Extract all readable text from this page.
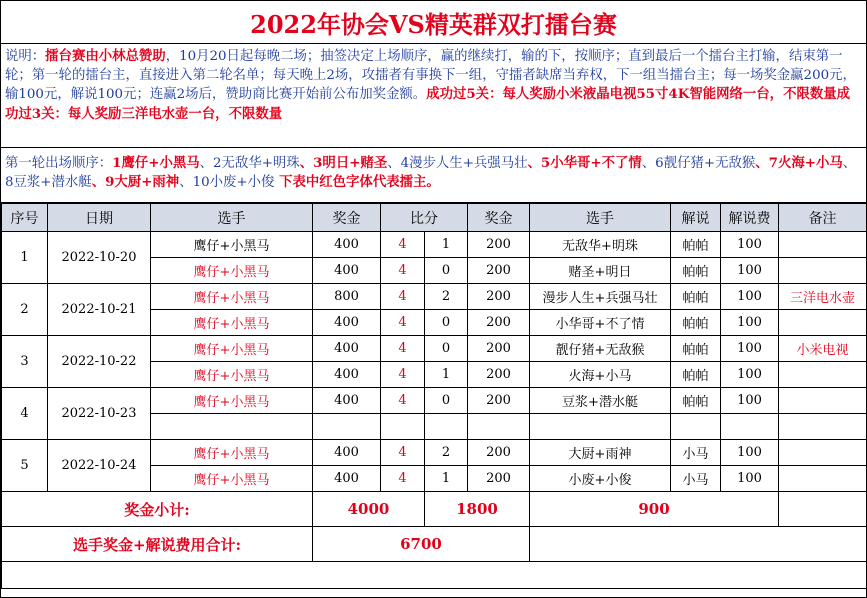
2022年协会VS精英群双打擂台赛
说明：擂台赛由小林总赞助，10月20日起每晚二场；抽签决定上场顺序，赢的继续打，输的下，按顺序；直到最后一个擂台主打输，结束第一轮；第一轮的擂台主，直接进入第二轮名单；每天晚上2场，攻擂者有事换下一组，守擂者缺席当弃权，下一组当擂台主；每一场奖金赢200元，输100元，解说100元；连赢2场后，赞助商比赛开始前公布加奖金额。成功过5关：每人奖励小米液晶电视55寸4K智能网络一台，不限数量成功过3关：每人奖励三洋电水壶一台，不限数量
第一轮出场顺序：1鹰仔+小黑马、2无敌华+明珠、3明日+赌圣、4漫步人生+兵强马壮、5小华哥+不了情、6靓仔猪+无敌猴、7火海+小马、8豆浆+潜水艇、9大厨+雨神、10小废+小俊 下表中红色字体代表擂主。
序号	日期	选手	奖金	比分		奖金	选手	解说	解说费	备注
1	2022-10-20	鹰仔+小黑马	400	4	1	200	无敌华+明珠	帕帕	100	
		鹰仔+小黑马	400	4	0	200	赌圣+明日	帕帕	100	
2	2022-10-21	鹰仔+小黑马	800	4	2	200	漫步人生+兵强马壮	帕帕	100	三洋电水壶
		鹰仔+小黑马	400	4	0	200	小华哥+不了情	帕帕	100	
3	2022-10-22	鹰仔+小黑马	400	4	0	200	靓仔猪+无敌猴	帕帕	100	小米电视
		鹰仔+小黑马	400	4	1	200	火海+小马	帕帕	100	
4	2022-10-23	鹰仔+小黑马	400	4	0	200	豆浆+潜水艇	帕帕	100	

5	2022-10-24	鹰仔+小黑马	400	4	2	200	大厨+雨神	小马	100	
		鹰仔+小黑马	400	4	1	200	小废+小俊	小马	100	
奖金小计:			4000		1800		900			
选手奖金+解说费用合计:			6700							
